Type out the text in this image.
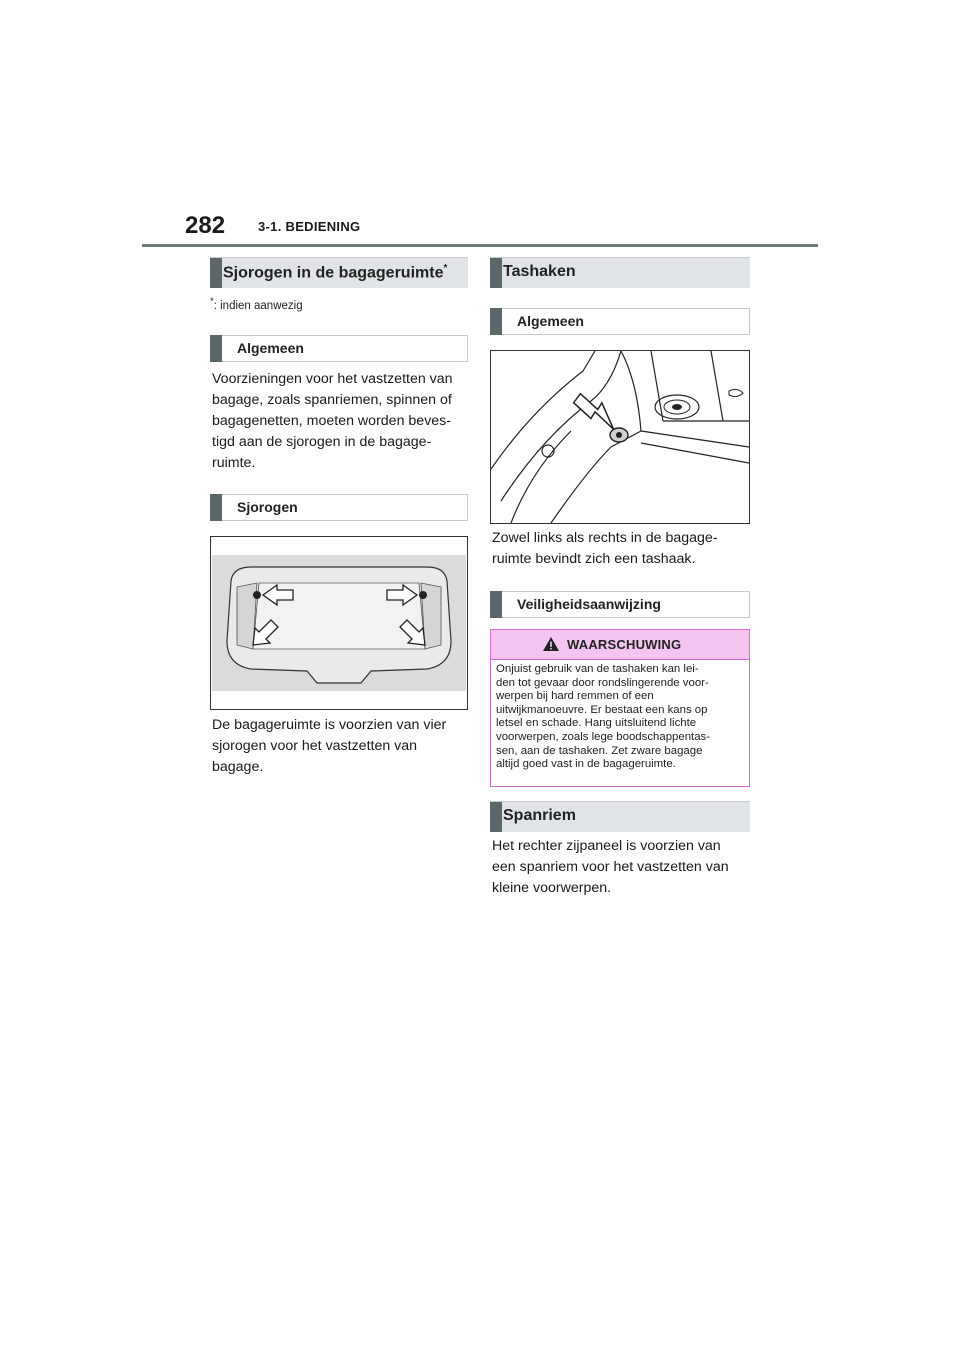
282	3-1. BEDIENING
Sjorogen in de bagageruimte*
*: indien aanwezig
Algemeen
Voorzieningen voor het vastzetten van
bagage, zoals spanriemen, spinnen of
bagagenetten, moeten worden beves-
tigd aan de sjorogen in de bagage-
ruimte.
Sjorogen
De bagageruimte is voorzien van vier
sjorogen voor het vastzetten van
bagage.
Tashaken
Algemeen
Zowel links als rechts in de bagage-
ruimte bevindt zich een tashaak.
Veiligheidsaanwijzing
WAARSCHUWING
Onjuist gebruik van de tashaken kan lei-
den tot gevaar door rondslingerende voor-
werpen bij hard remmen of een
uitwijkmanoeuvre. Er bestaat een kans op
letsel en schade. Hang uitsluitend lichte
voorwerpen, zoals lege boodschappentas-
sen, aan de tashaken. Zet zware bagage
altijd goed vast in de bagageruimte.
Spanriem
Het rechter zijpaneel is voorzien van
een spanriem voor het vastzetten van
kleine voorwerpen.
